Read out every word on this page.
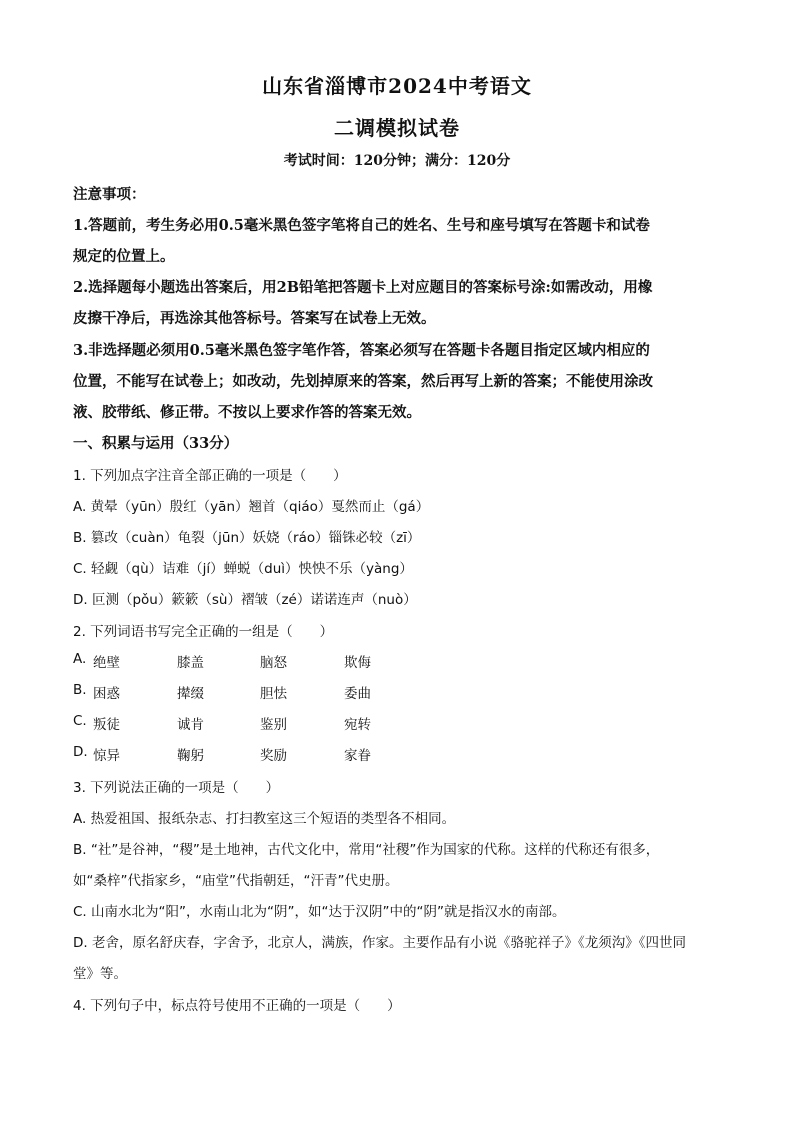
山东省淄博市2024中考语文
二调模拟试卷
考试时间：120分钟；满分：120分
注意事项：
1.答题前，考生务必用0.5毫米黑色签字笔将自己的姓名、生号和座号填写在答题卡和试卷
规定的位置上。
2.选择题每小题选出答案后，用2B铅笔把答题卡上对应题目的答案标号涂:如需改动，用橡
皮擦干净后，再选涂其他答标号。答案写在试卷上无效。
3.非选择题必须用0.5毫米黑色签字笔作答，答案必须写在答题卡各题目指定区域内相应的
位置，不能写在试卷上；如改动，先划掉原来的答案，然后再写上新的答案；不能使用涂改
液、胶带纸、修正带。不按以上要求作答的答案无效。
一、积累与运用（33分）
1. 下列加点字注音全部正确的一项是（　　）
A. 黄晕（yūn）殷红（yān）翘首（qiáo）戛然而止（gá）
B. 篡改（cuàn）龟裂（jūn）妖娆（ráo）锱铢必较（zī）
C. 轻觑（qù）诘难（jí）蝉蜕（duì）怏怏不乐（yàng）
D. 叵测（pǒu）簌簌（sù）褶皱（zé）诺诺连声（nuò）
2. 下列词语书写完全正确的一组是（　　）
A. 绝壁	膝盖	脑怒	欺侮
B. 困惑	撵缀	胆怯	委曲
C. 叛徒	诚肯	鉴别	宛转
D. 惊异	鞠躬	奖励	家眷
3. 下列说法正确的一项是（　　）
A. 热爱祖国、报纸杂志、打扫教室这三个短语的类型各不相同。
B. “社”是谷神，“稷”是土地神，古代文化中，常用“社稷”作为国家的代称。这样的代称还有很多，
如“桑梓”代指家乡，“庙堂”代指朝廷，“汗青”代史册。
C. 山南水北为“阳”，水南山北为“阴”，如“达于汉阴”中的“阴”就是指汉水的南部。
D. 老舍，原名舒庆春，字舍予，北京人，满族，作家。主要作品有小说《骆驼祥子》《龙须沟》《四世同
堂》等。
4. 下列句子中，标点符号使用不正确的一项是（　　）
